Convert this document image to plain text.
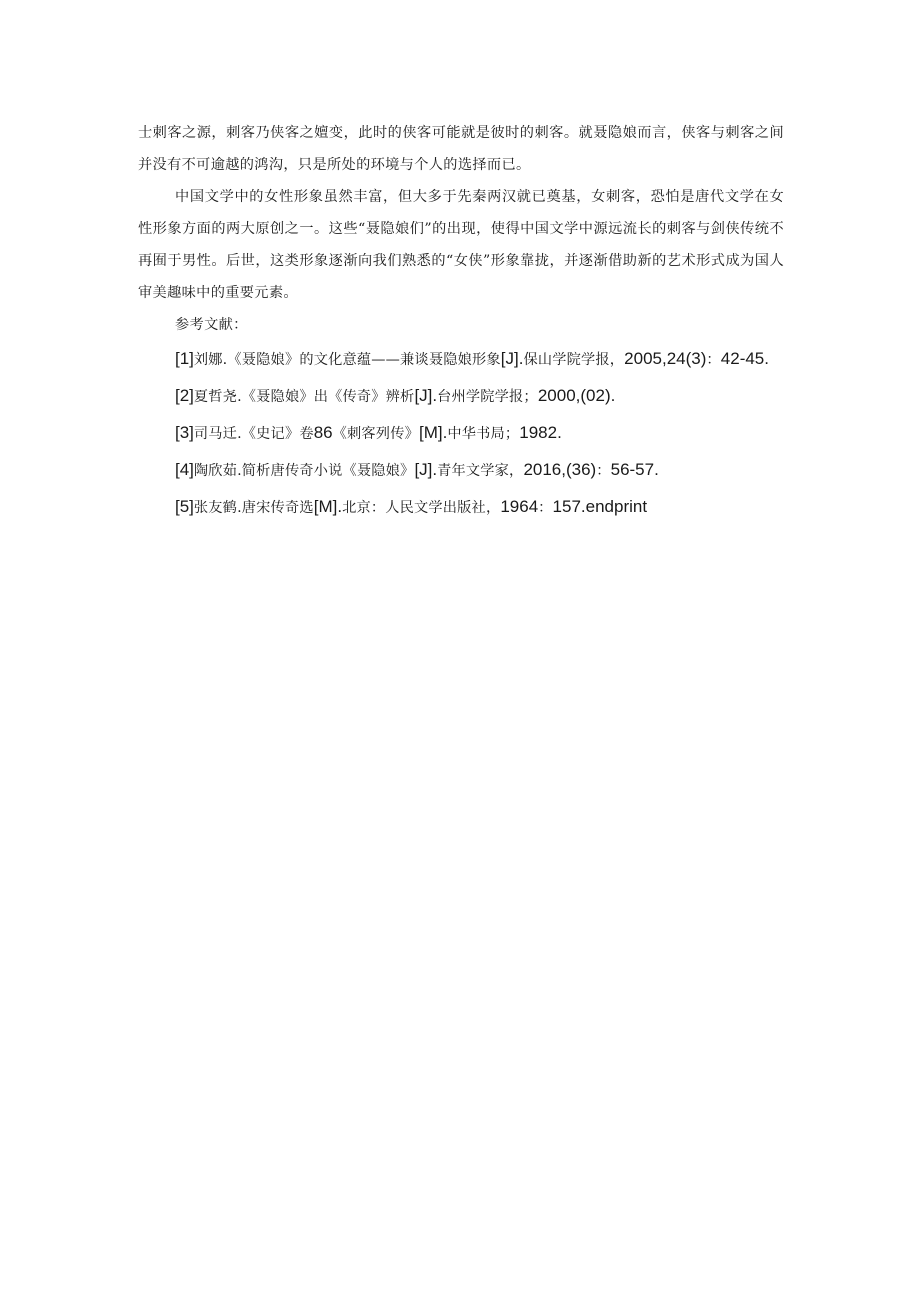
士刺客之源，刺客乃侠客之嬗变，此时的侠客可能就是彼时的刺客。就聂隐娘而言，侠客与刺客之间并没有不可逾越的鸿沟，只是所处的环境与个人的选择而已。

中国文学中的女性形象虽然丰富，但大多于先秦两汉就已奠基，女刺客，恐怕是唐代文学在女性形象方面的两大原创之一。这些“聂隐娘们”的出现，使得中国文学中源远流长的刺客与剑侠传统不再囿于男性。后世，这类形象逐渐向我们熟悉的“女侠”形象靠拢，并逐渐借助新的艺术形式成为国人审美趣味中的重要元素。

参考文献：

[1]刘娜.《聂隐娘》的文化意蕴——兼谈聂隐娘形象[J].保山学院学报，2005,24(3)：42-45.

[2]夏哲尧.《聂隐娘》出《传奇》辨析[J].台州学院学报；2000,(02).

[3]司马迁.《史记》卷86《刺客列传》[M].中华书局；1982.

[4]陶欣茹.简析唐传奇小说《聂隐娘》[J].青年文学家，2016,(36)：56-57.

[5]张友鹤.唐宋传奇选[M].北京：人民文学出版社，1964：157.endprint
